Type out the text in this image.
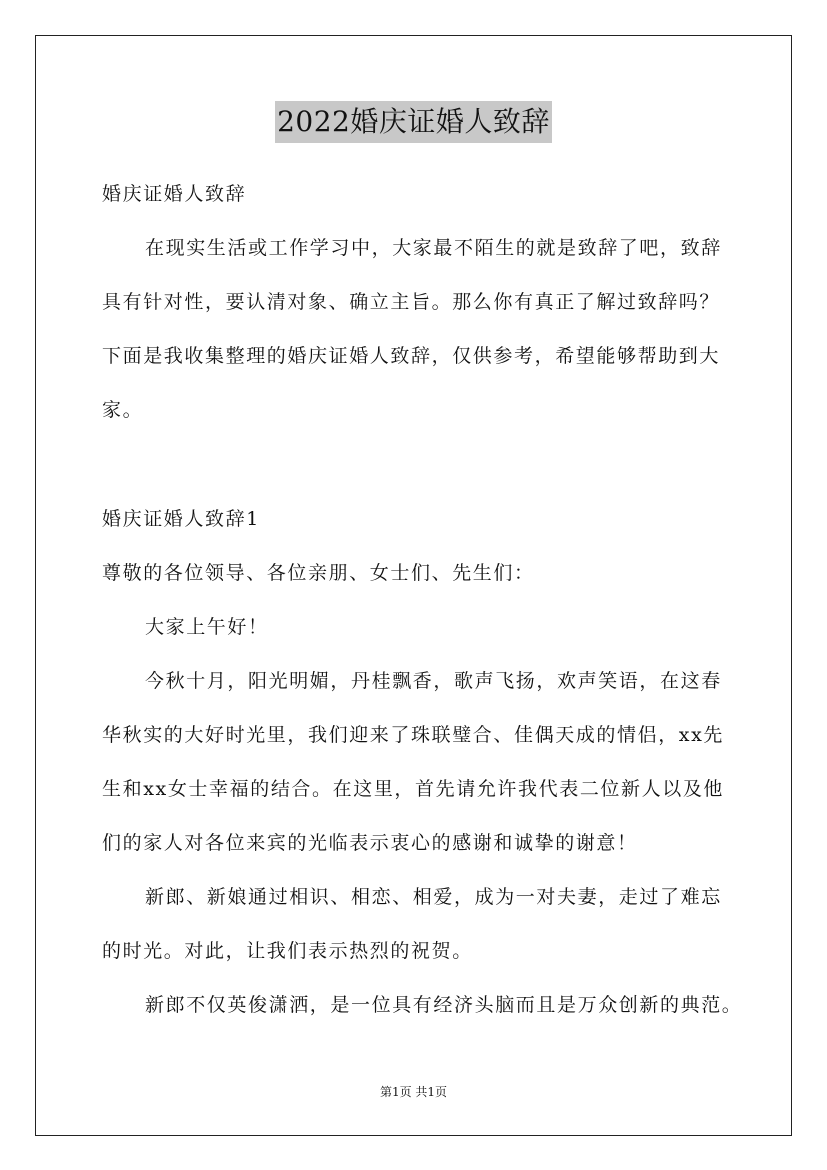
2022婚庆证婚人致辞
婚庆证婚人致辞
在现实生活或工作学习中，大家最不陌生的就是致辞了吧，致辞
具有针对性，要认清对象、确立主旨。那么你有真正了解过致辞吗？
下面是我收集整理的婚庆证婚人致辞，仅供参考，希望能够帮助到大
家。
婚庆证婚人致辞1
尊敬的各位领导、各位亲朋、女士们、先生们：
大家上午好！
今秋十月，阳光明媚，丹桂飘香，歌声飞扬，欢声笑语，在这春
华秋实的大好时光里，我们迎来了珠联璧合、佳偶天成的情侣，xx先
生和xx女士幸福的结合。在这里，首先请允许我代表二位新人以及他
们的家人对各位来宾的光临表示衷心的感谢和诚挚的谢意！
新郎、新娘通过相识、相恋、相爱，成为一对夫妻，走过了难忘
的时光。对此，让我们表示热烈的祝贺。
新郎不仅英俊潇洒，是一位具有经济头脑而且是万众创新的典范。
第1页 共1页
